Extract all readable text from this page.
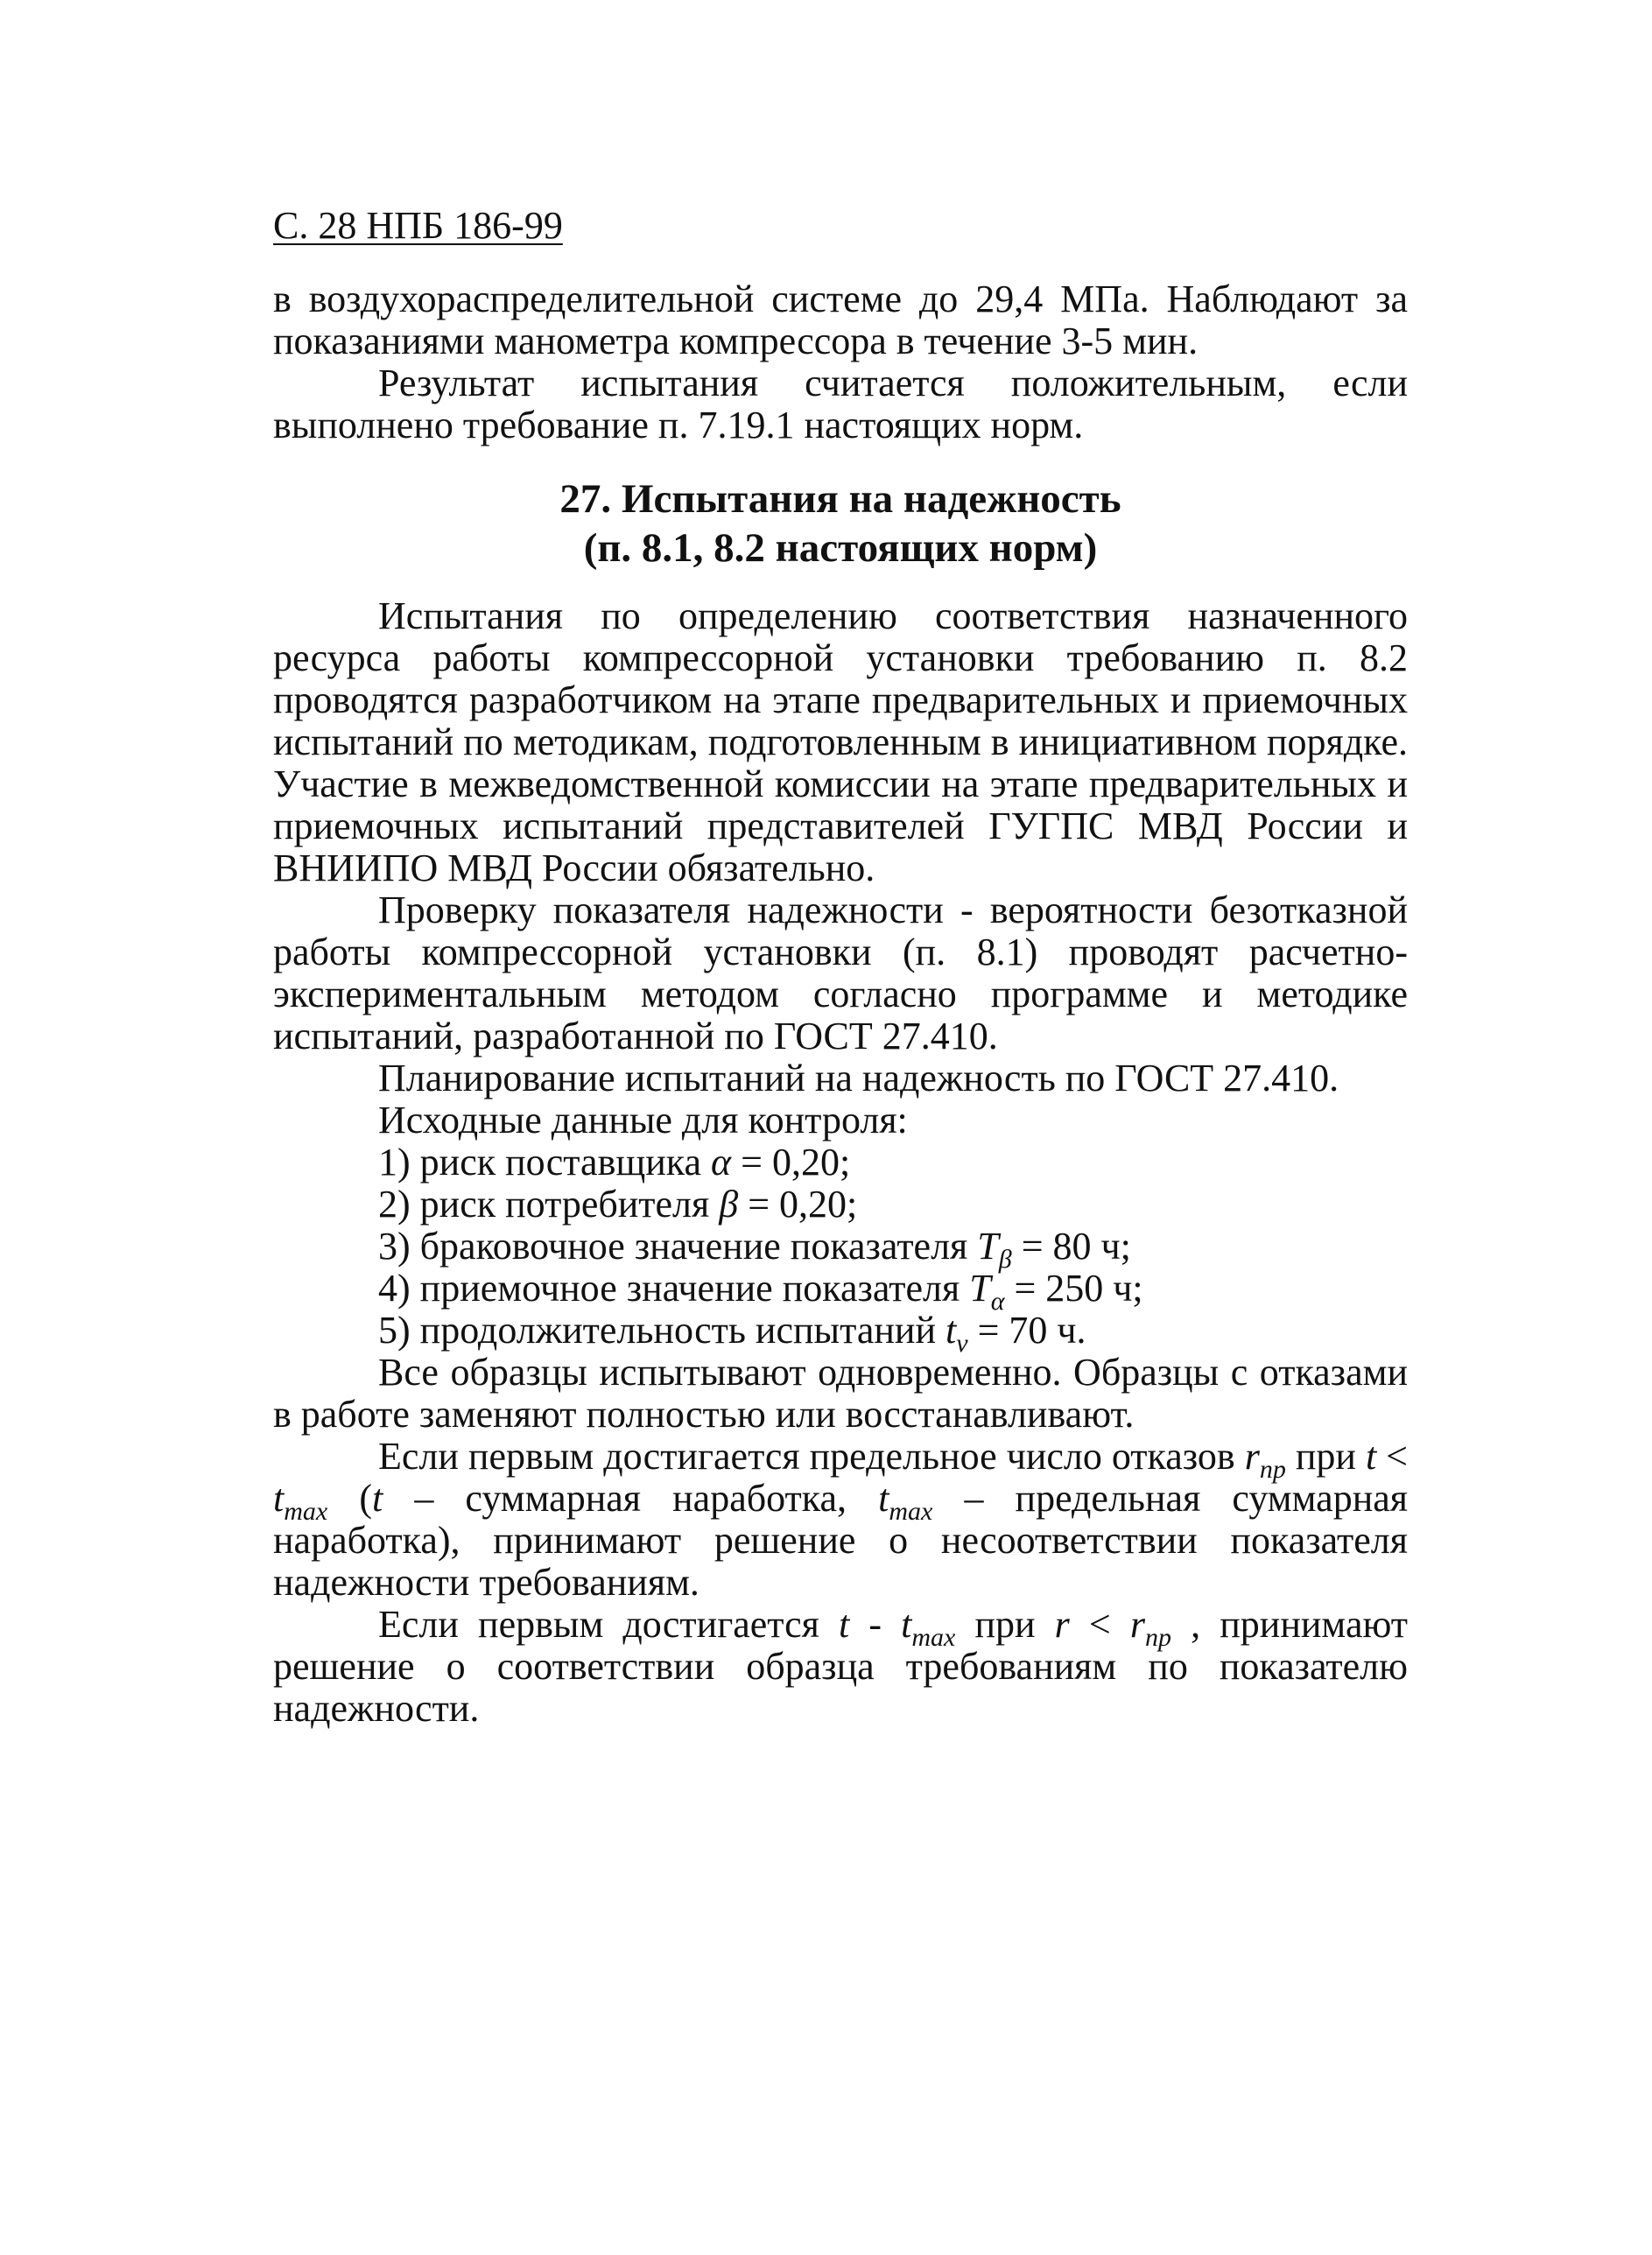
С. 28 НПБ 186-99

в воздухораспределительной системе до 29,4 МПа. Наблюдают за показаниями манометра компрессора в течение 3-5 мин.

Результат испытания считается положительным, если выполнено требование п. 7.19.1 настоящих норм.

27. Испытания на надежность
(п. 8.1, 8.2 настоящих норм)

Испытания по определению соответствия назначенного ресурса работы компрессорной установки требованию п. 8.2 проводятся разработчиком на этапе предварительных и приемочных испытаний по методикам, подготовленным в инициативном порядке. Участие в межведомственной комиссии на этапе предварительных и приемочных испытаний представителей ГУГПС МВД России и ВНИИПО МВД России обязательно.

Проверку показателя надежности - вероятности безотказной работы компрессорной установки (п. 8.1) проводят расчетно-экспериментальным методом согласно программе и методике испытаний, разработанной по ГОСТ 27.410.

Планирование испытаний на надежность по ГОСТ 27.410.
Исходные данные для контроля:
1) риск поставщика α = 0,20;
2) риск потребителя β = 0,20;
3) браковочное значение показателя $T_\beta = 80$ ч;
4) приемочное значение показателя $T_\alpha = 250$ ч;
5) продолжительность испытаний $t_v = 70$ ч.

Все образцы испытывают одновременно. Образцы с отказами в работе заменяют полностью или восстанавливают.

Если первым достигается предельное число отказов $r_{np}$ при $t < t_{max}$ (t – суммарная наработка, $t_{max}$ – предельная суммарная наработка), принимают решение о несоответствии показателя надежности требованиям.

Если первым достигается t - $t_{max}$ при $r < r_{np}$ , принимают решение о соответствии образца требованиям по показателю надежности.
